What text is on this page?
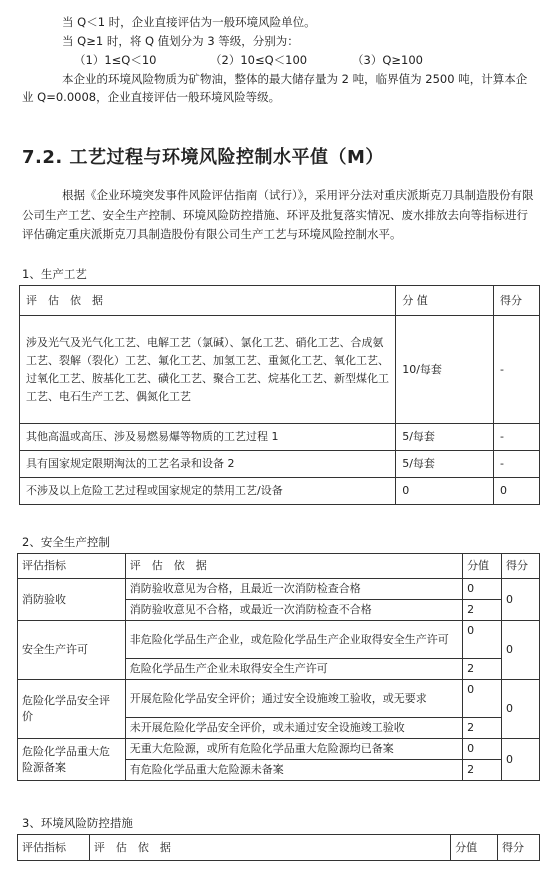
当 Q＜1 时，企业直接评估为一般环境风险单位。
当 Q≥1 时，将 Q 值划分为 3 等级，分别为：
（1）1≤Q＜10	（2）10≤Q＜100	（3）Q≥100
本企业的环境风险物质为矿物油，整体的最大储存量为 2 吨，临界值为 2500 吨，计算本企业 Q=0.0008，企业直接评估一般环境风险等级。
7.2. 工艺过程与环境风险控制水平值（M）
根据《企业环境突发事件风险评估指南（试行）》，采用评分法对重庆派斯克刀具制造股份有限公司生产工艺、安全生产控制、环境风险防控措施、环评及批复落实情况、废水排放去向等指标进行评估确定重庆派斯克刀具制造股份有限公司生产工艺与环境风险控制水平。
1、生产工艺
评　估　依　据	分 值	得分
涉及光气及光气化工艺、电解工艺（氯碱）、氯化工艺、硝化工艺、合成氨工艺、裂解（裂化）工艺、氟化工艺、加氢工艺、重氮化工艺、氧化工艺、过氧化工艺、胺基化工艺、磺化工艺、聚合工艺、烷基化工艺、新型煤化工工艺、电石生产工艺、偶氮化工艺	10/每套	-
其他高温或高压、涉及易燃易爆等物质的工艺过程 1	5/每套	-
具有国家规定限期淘汰的工艺名录和设备 2	5/每套	-
不涉及以上危险工艺过程或国家规定的禁用工艺/设备	0	0
2、安全生产控制
评估指标	评　估　依　据	分值	得分
消防验收	消防验收意见为合格，且最近一次消防检查合格	0	0
	消防验收意见不合格，或最近一次消防检查不合格	2	
安全生产许可	非危险化学品生产企业，或危险化学品生产企业取得安全生产许可	0	0
	危险化学品生产企业未取得安全生产许可	2	
危险化学品安全评价	开展危险化学品安全评价；通过安全设施竣工验收，或无要求	0	0
	未开展危险化学品安全评价，或未通过安全设施竣工验收	2	
危险化学品重大危险源备案	无重大危险源，或所有危险化学品重大危险源均已备案	0	0
	有危险化学品重大危险源未备案	2	
3、环境风险防控措施
评估指标	评　估　依　据	分值	得分
